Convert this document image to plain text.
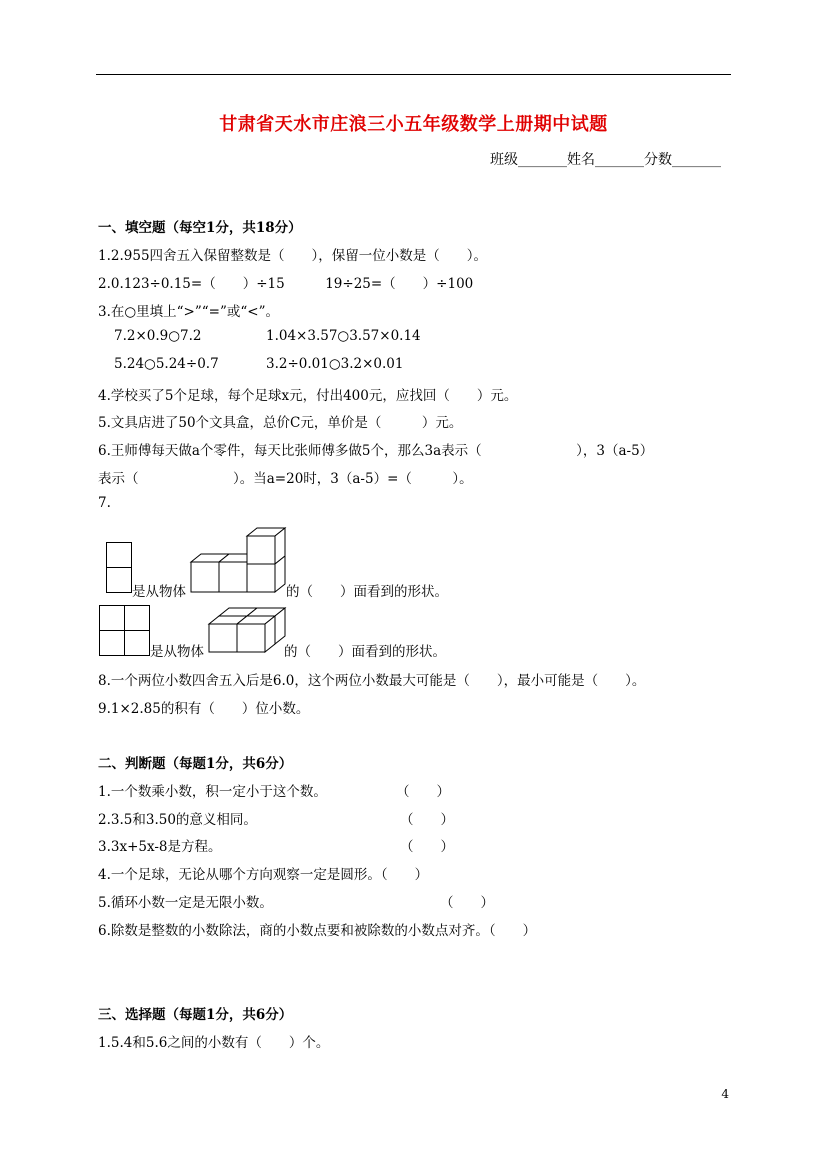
甘肃省天水市庄浪三小五年级数学上册期中试题
班级_______姓名_______分数_______
一、填空题（每空1分，共18分）
1.2.955四舍五入保留整数是（　　），保留一位小数是（　　）。
2.0.123÷0.15=（　　）÷15　　　19÷25=（　　）÷100
3.在○里填上“>”“=”或“<”。
7.2×0.9○7.2	1.04×3.57○3.57×0.14
5.24○5.24÷0.7	3.2÷0.01○3.2×0.01
4.学校买了5个足球，每个足球x元，付出400元，应找回（　　）元。
5.文具店进了50个文具盒，总价C元，单价是（　　　）元。
6.王师傅每天做a个零件，每天比张师傅多做5个，那么3a表示（　　　　　　　），3（a-5）
表示（　　　　　　　）。当a=20时，3（a-5）=（　　　）。
7.
是从物体	的（　　）面看到的形状。
是从物体	的（　　）面看到的形状。
8.一个两位小数四舍五入后是6.0，这个两位小数最大可能是（　　），最小可能是（　　）。
9.1×2.85的积有（　　）位小数。
二、判断题（每题1分，共6分）
1.一个数乘小数，积一定小于这个数。	（　　）
2.3.5和3.50的意义相同。	（　　）
3.3x+5x-8是方程。	（　　）
4.一个足球，无论从哪个方向观察一定是圆形。（　　）
5.循环小数一定是无限小数。	（　　）
6.除数是整数的小数除法，商的小数点要和被除数的小数点对齐。（　　）
三、选择题（每题1分，共6分）
1.5.4和5.6之间的小数有（　　）个。
4
